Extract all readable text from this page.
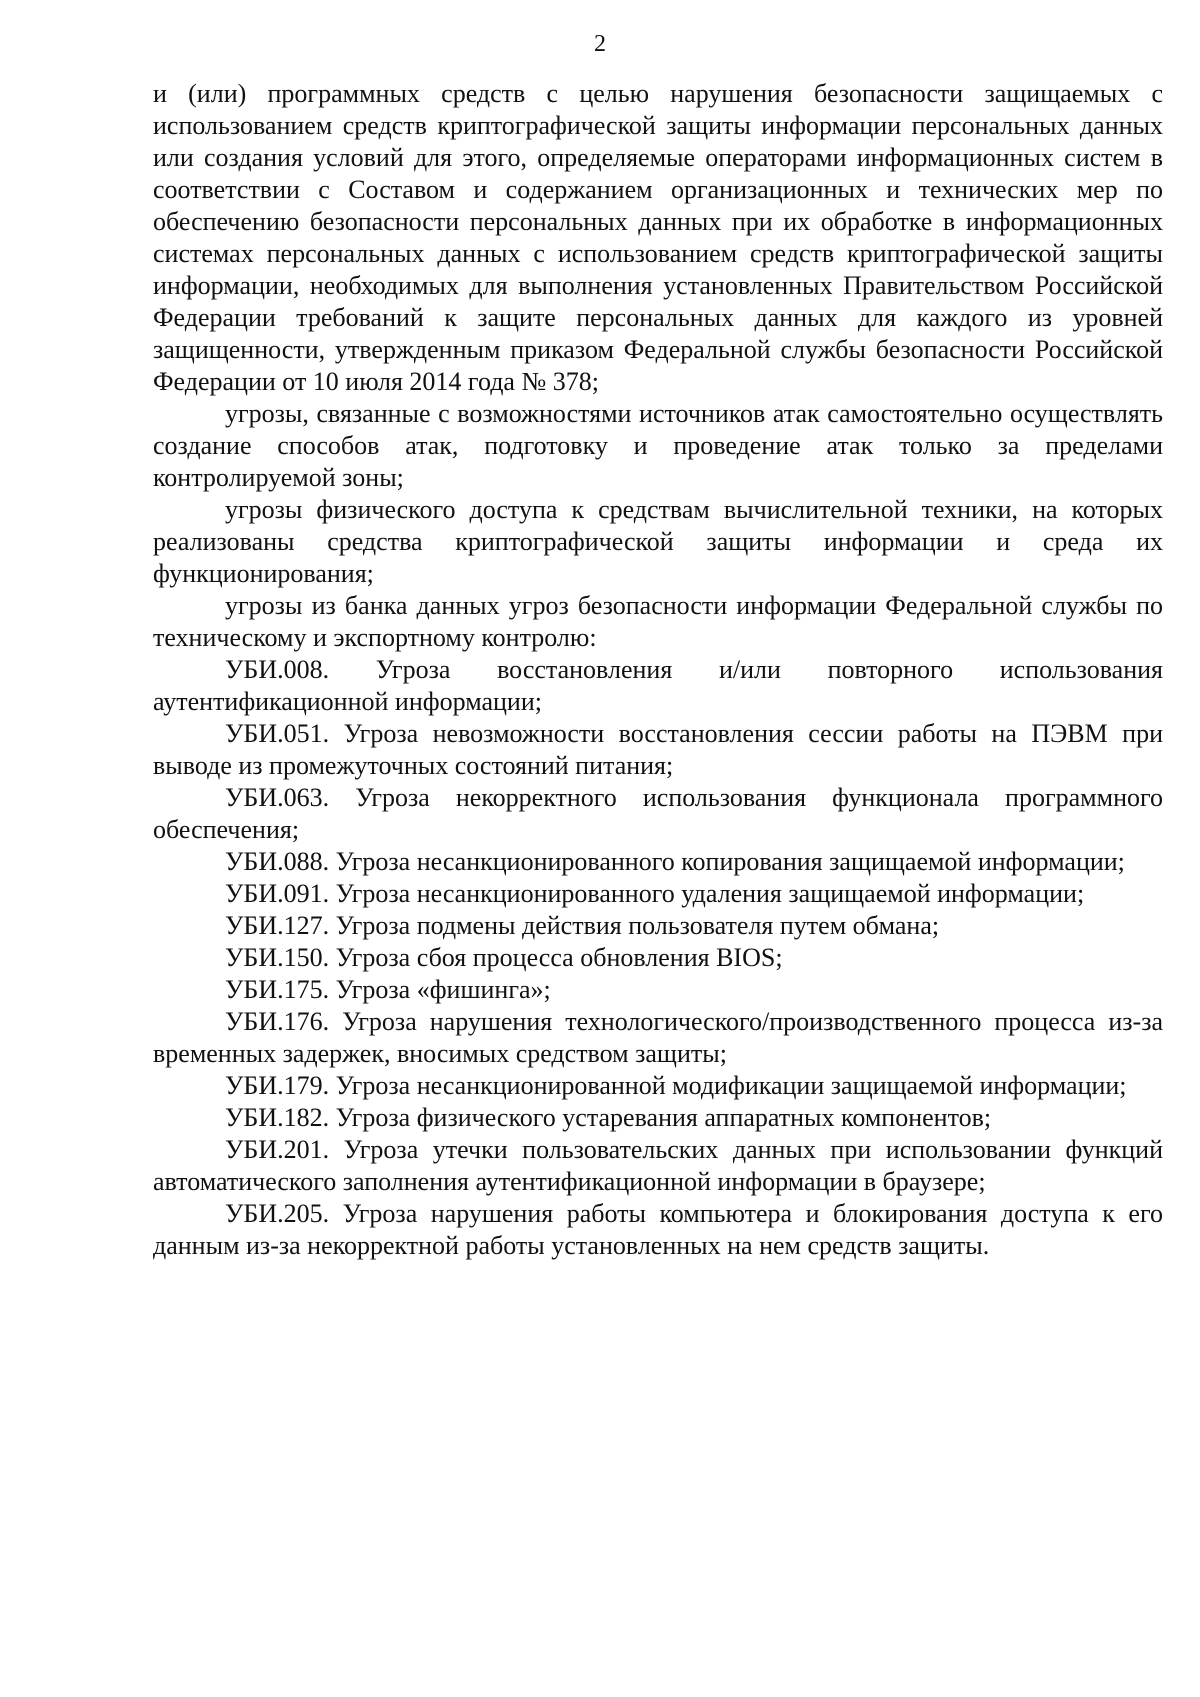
2

и (или) программных средств с целью нарушения безопасности защищаемых с использованием средств криптографической защиты информации персональных данных или создания условий для этого, определяемые операторами информационных систем в соответствии с Составом и содержанием организационных и технических мер по обеспечению безопасности персональных данных при их обработке в информационных системах персональных данных с использованием средств криптографической защиты информации, необходимых для выполнения установленных Правительством Российской Федерации требований к защите персональных данных для каждого из уровней защищенности, утвержденным приказом Федеральной службы безопасности Российской Федерации от 10 июля 2014 года № 378;

угрозы, связанные с возможностями источников атак самостоятельно осуществлять создание способов атак, подготовку и проведение атак только за пределами контролируемой зоны;

угрозы физического доступа к средствам вычислительной техники, на которых реализованы средства криптографической защиты информации и среда их функционирования;

угрозы из банка данных угроз безопасности информации Федеральной службы по техническому и экспортному контролю:

УБИ.008. Угроза восстановления и/или повторного использования аутентификационной информации;

УБИ.051. Угроза невозможности восстановления сессии работы на ПЭВМ при выводе из промежуточных состояний питания;

УБИ.063. Угроза некорректного использования функционала программного обеспечения;

УБИ.088. Угроза несанкционированного копирования защищаемой информации;

УБИ.091. Угроза несанкционированного удаления защищаемой информации;

УБИ.127. Угроза подмены действия пользователя путем обмана;

УБИ.150. Угроза сбоя процесса обновления BIOS;

УБИ.175. Угроза «фишинга»;

УБИ.176. Угроза нарушения технологического/производственного процесса из-за временных задержек, вносимых средством защиты;

УБИ.179. Угроза несанкционированной модификации защищаемой информации;

УБИ.182. Угроза физического устаревания аппаратных компонентов;

УБИ.201. Угроза утечки пользовательских данных при использовании функций автоматического заполнения аутентификационной информации в браузере;

УБИ.205. Угроза нарушения работы компьютера и блокирования доступа к его данным из-за некорректной работы установленных на нем средств защиты.
